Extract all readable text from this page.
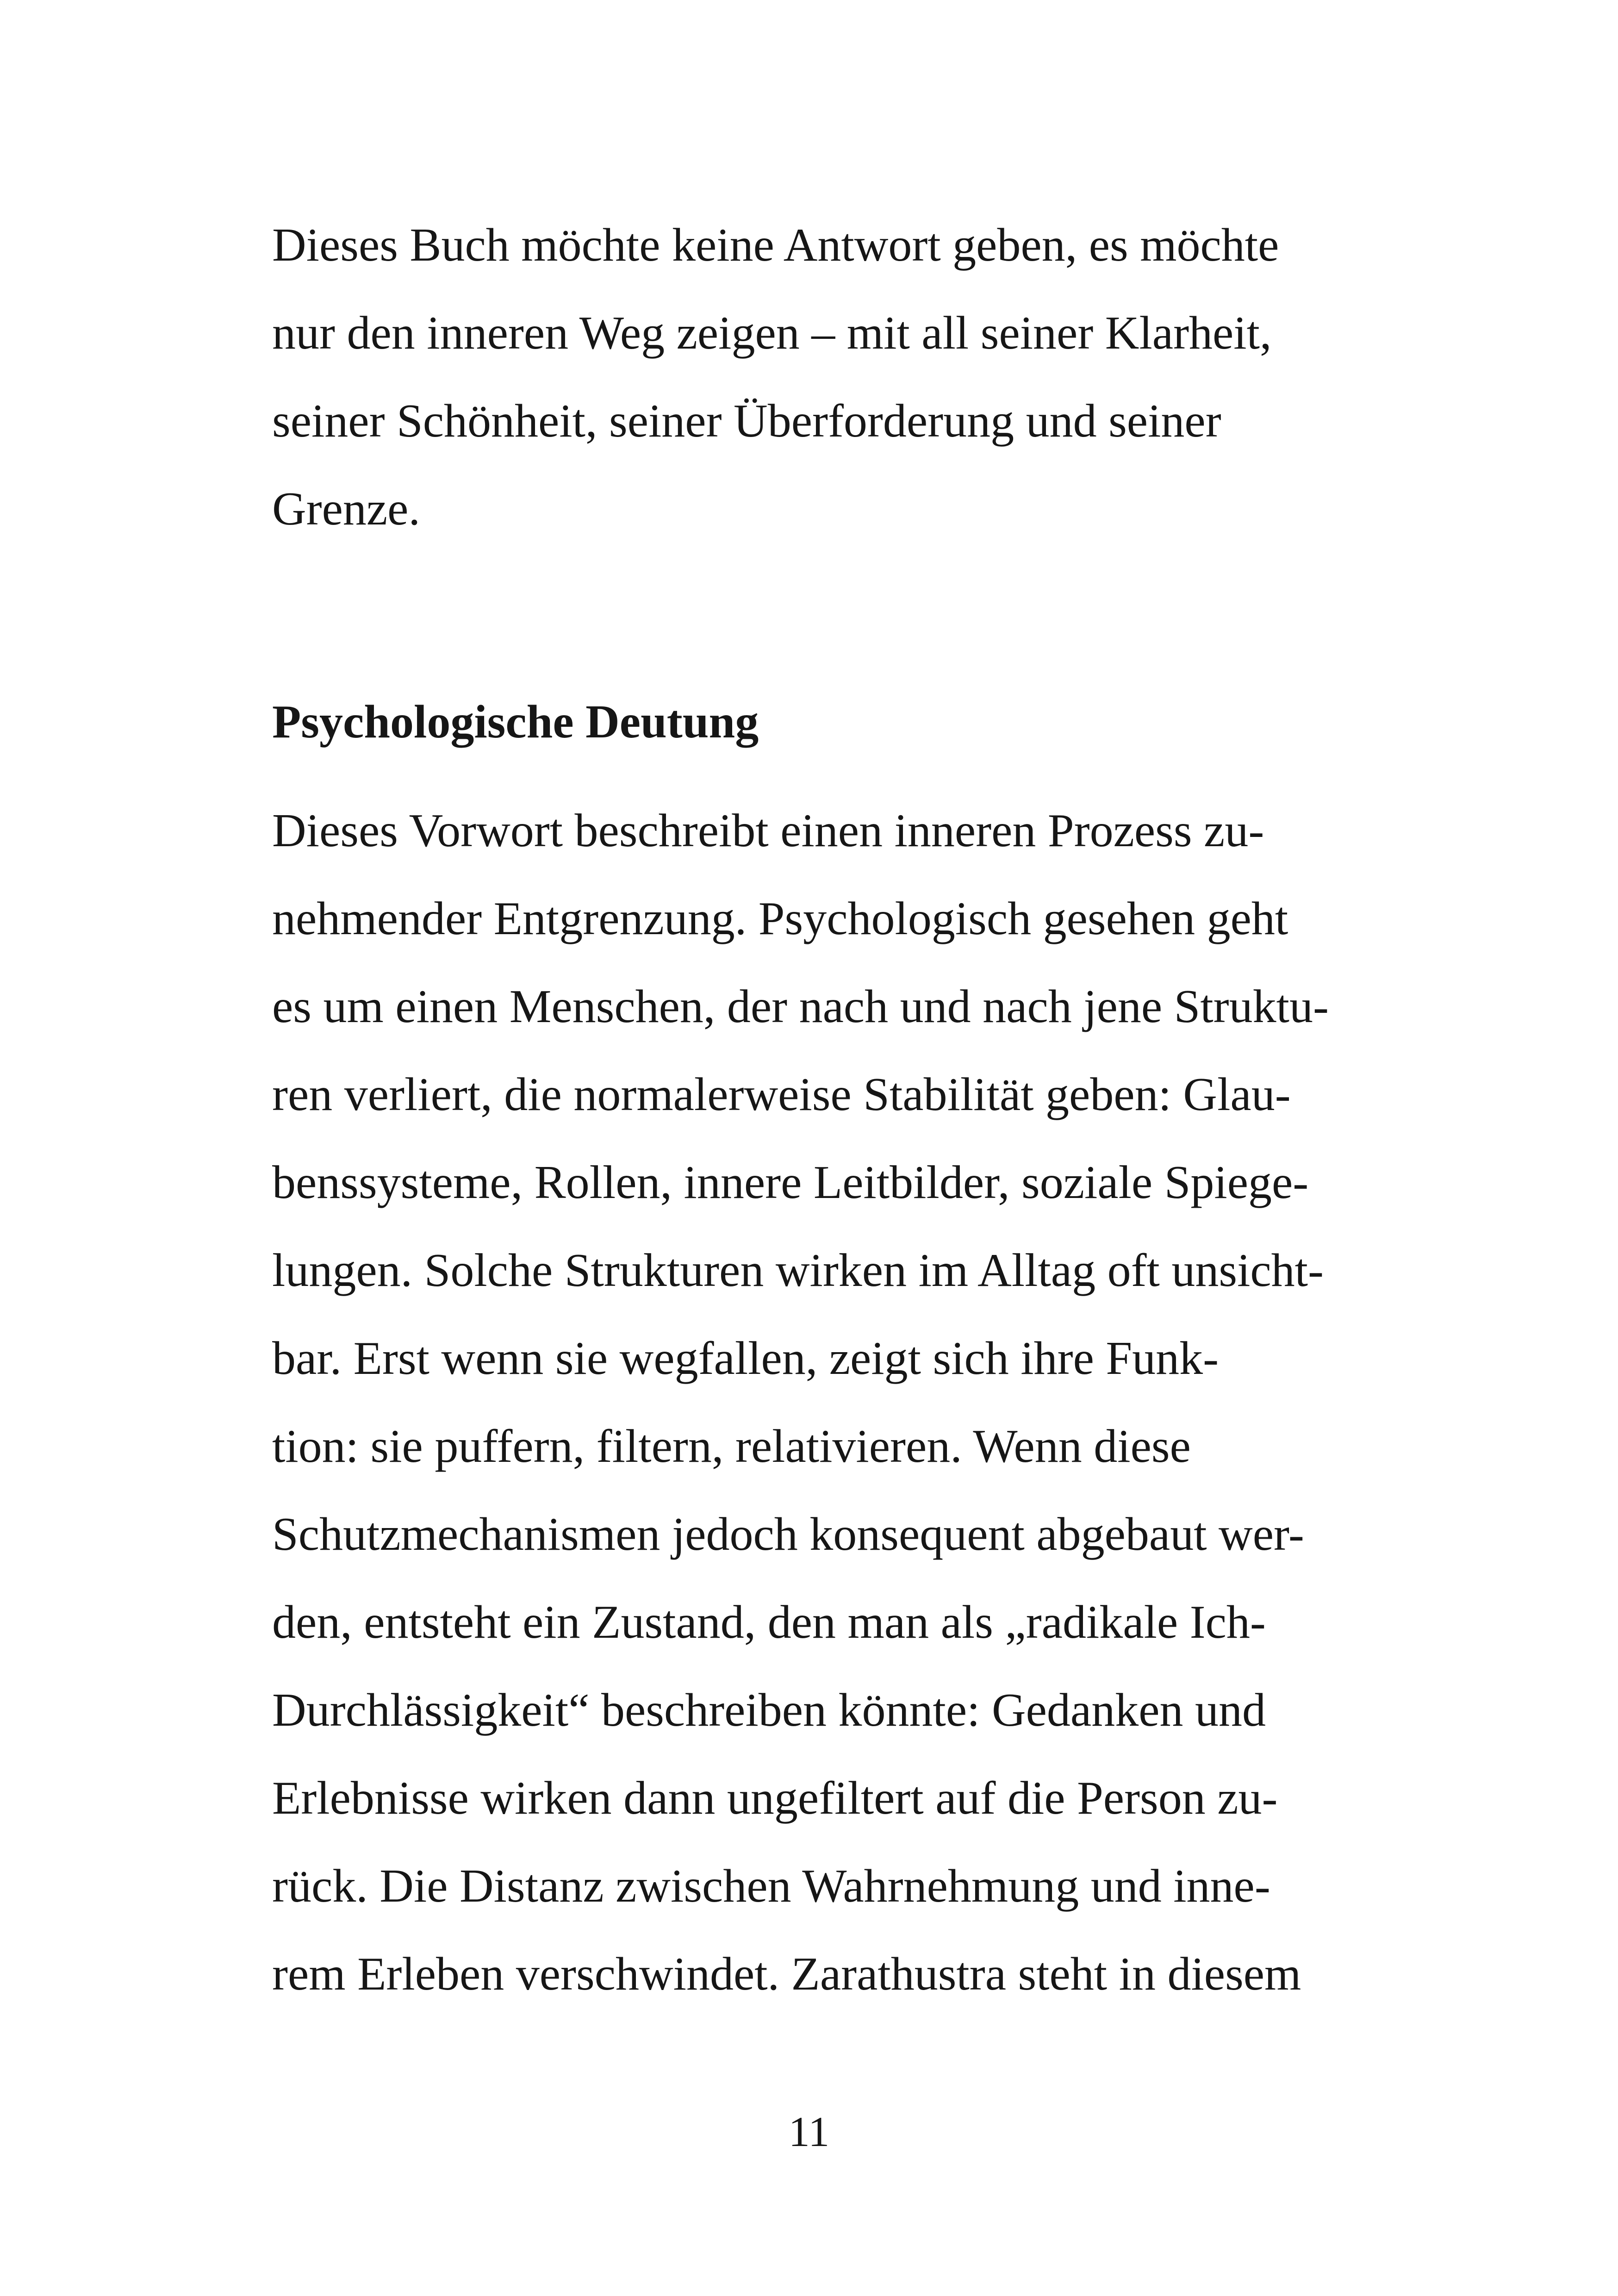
Dieses Buch möchte keine Antwort geben, es möchte
nur den inneren Weg zeigen – mit all seiner Klarheit,
seiner Schönheit, seiner Überforderung und seiner
Grenze.
Psychologische Deutung
Dieses Vorwort beschreibt einen inneren Prozess zu-
nehmender Entgrenzung. Psychologisch gesehen geht
es um einen Menschen, der nach und nach jene Struktu-
ren verliert, die normalerweise Stabilität geben: Glau-
benssysteme, Rollen, innere Leitbilder, soziale Spiege-
lungen. Solche Strukturen wirken im Alltag oft unsicht-
bar. Erst wenn sie wegfallen, zeigt sich ihre Funk-
tion: sie puffern, filtern, relativieren. Wenn diese
Schutzmechanismen jedoch konsequent abgebaut wer-
den, entsteht ein Zustand, den man als „radikale Ich-
Durchlässigkeit“ beschreiben könnte: Gedanken und
Erlebnisse wirken dann ungefiltert auf die Person zu-
rück. Die Distanz zwischen Wahrnehmung und inne-
rem Erleben verschwindet. Zarathustra steht in diesem
11
